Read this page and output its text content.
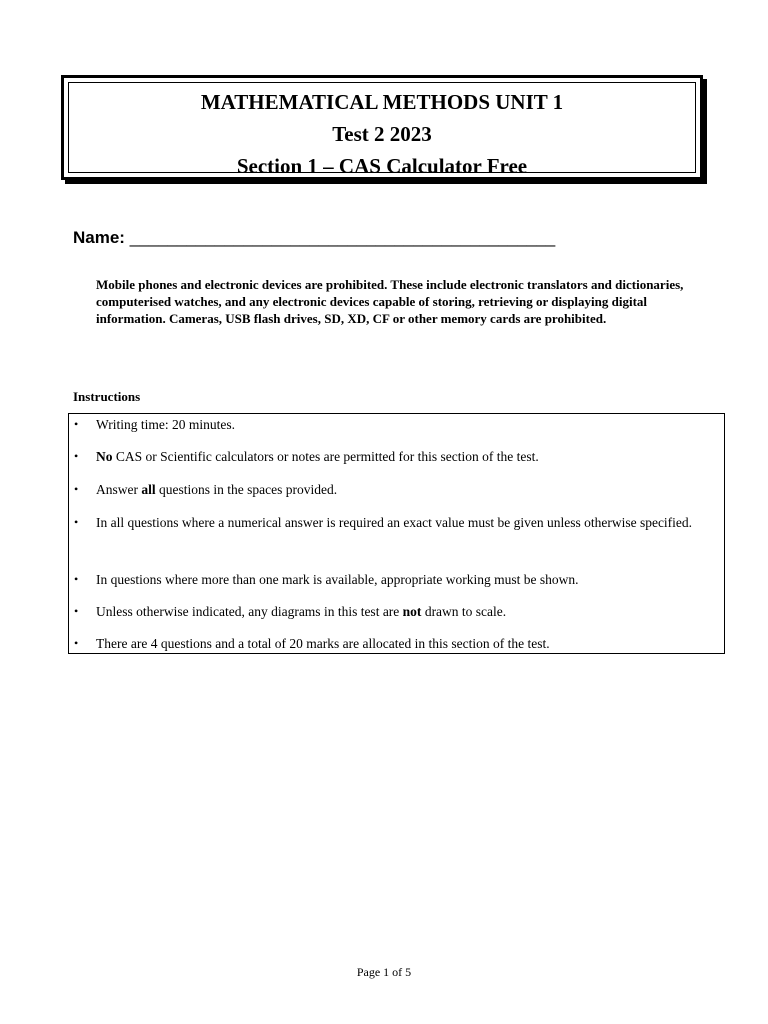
MATHEMATICAL METHODS UNIT 1
Test 2 2023
Section 1 – CAS Calculator Free
Name: _____________________________________________
Mobile phones and electronic devices are prohibited. These include electronic translators and dictionaries, computerised watches, and any electronic devices capable of storing, retrieving or displaying digital information. Cameras, USB flash drives, SD, XD, CF or other memory cards are prohibited.
Instructions
• Writing time: 20 minutes.
• No CAS or Scientific calculators or notes are permitted for this section of the test.
• Answer all questions in the spaces provided.
• In all questions where a numerical answer is required an exact value must be given unless otherwise specified.
• In questions where more than one mark is available, appropriate working must be shown.
• Unless otherwise indicated, any diagrams in this test are not drawn to scale.
• There are 4 questions and a total of 20 marks are allocated in this section of the test.
Page 1 of 5
